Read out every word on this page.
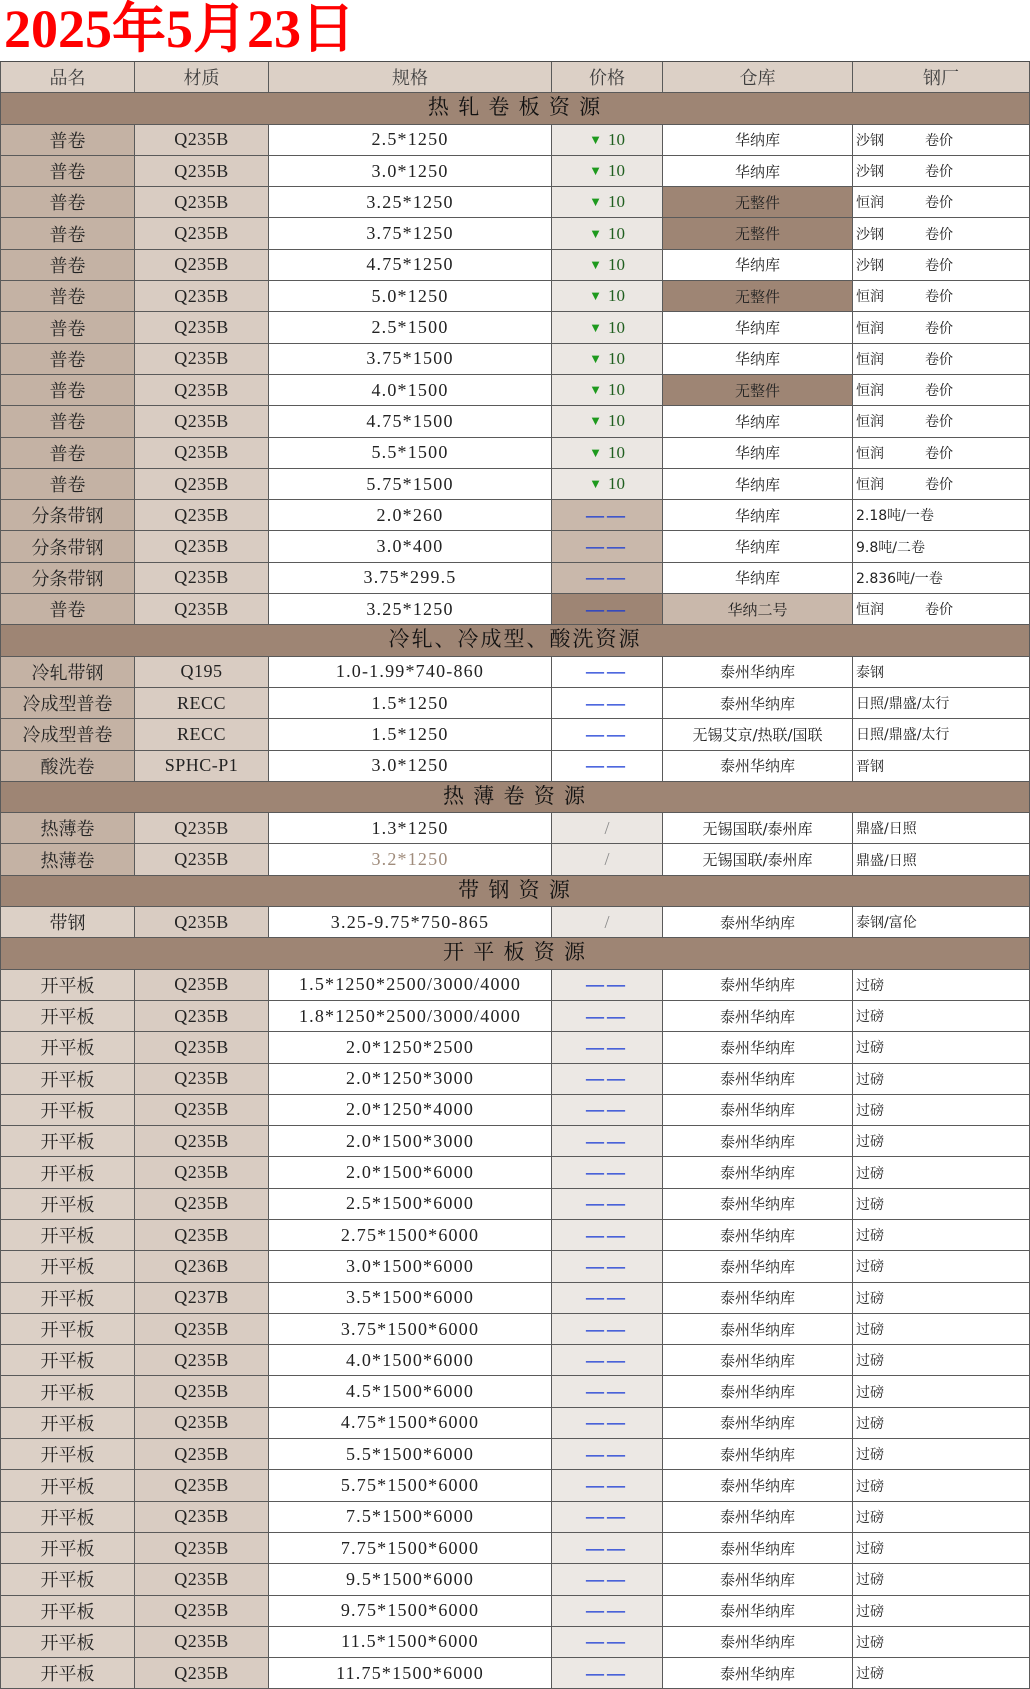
2025年5月23日
品名	材质	规格	价格	仓库	钢厂
热 轧 卷 板 资 源
普卷	Q235B	2.5*1250	▼ 10	华纳库	沙钢	卷价
普卷	Q235B	3.0*1250	▼ 10	华纳库	沙钢	卷价
普卷	Q235B	3.25*1250	▼ 10	无整件	恒润	卷价
普卷	Q235B	3.75*1250	▼ 10	无整件	沙钢	卷价
普卷	Q235B	4.75*1250	▼ 10	华纳库	沙钢	卷价
普卷	Q235B	5.0*1250	▼ 10	无整件	恒润	卷价
普卷	Q235B	2.5*1500	▼ 10	华纳库	恒润	卷价
普卷	Q235B	3.75*1500	▼ 10	华纳库	恒润	卷价
普卷	Q235B	4.0*1500	▼ 10	无整件	恒润	卷价
普卷	Q235B	4.75*1500	▼ 10	华纳库	恒润	卷价
普卷	Q235B	5.5*1500	▼ 10	华纳库	恒润	卷价
普卷	Q235B	5.75*1500	▼ 10	华纳库	恒润	卷价
分条带钢	Q235B	2.0*260	——	华纳库	2.18吨/一卷
分条带钢	Q235B	3.0*400	——	华纳库	9.8吨/二卷
分条带钢	Q235B	3.75*299.5	——	华纳库	2.836吨/一卷
普卷	Q235B	3.25*1250	——	华纳二号	恒润	卷价
冷轧、冷成型、酸洗资源
冷轧带钢	Q195	1.0-1.99*740-860	——	泰州华纳库	泰钢
冷成型普卷	RECC	1.5*1250	——	泰州华纳库	日照/鼎盛/太行
冷成型普卷	RECC	1.5*1250	——	无锡艾京/热联/国联	日照/鼎盛/太行
酸洗卷	SPHC-P1	3.0*1250	——	泰州华纳库	晋钢
热 薄 卷 资 源
热薄卷	Q235B	1.3*1250	/	无锡国联/泰州库	鼎盛/日照
热薄卷	Q235B	3.2*1250	/	无锡国联/泰州库	鼎盛/日照
带 钢 资 源
带钢	Q235B	3.25-9.75*750-865	/	泰州华纳库	泰钢/富伦
开 平 板 资 源
开平板	Q235B	1.5*1250*2500/3000/4000	——	泰州华纳库	过磅
开平板	Q235B	1.8*1250*2500/3000/4000	——	泰州华纳库	过磅
开平板	Q235B	2.0*1250*2500	——	泰州华纳库	过磅
开平板	Q235B	2.0*1250*3000	——	泰州华纳库	过磅
开平板	Q235B	2.0*1250*4000	——	泰州华纳库	过磅
开平板	Q235B	2.0*1500*3000	——	泰州华纳库	过磅
开平板	Q235B	2.0*1500*6000	——	泰州华纳库	过磅
开平板	Q235B	2.5*1500*6000	——	泰州华纳库	过磅
开平板	Q235B	2.75*1500*6000	——	泰州华纳库	过磅
开平板	Q236B	3.0*1500*6000	——	泰州华纳库	过磅
开平板	Q237B	3.5*1500*6000	——	泰州华纳库	过磅
开平板	Q235B	3.75*1500*6000	——	泰州华纳库	过磅
开平板	Q235B	4.0*1500*6000	——	泰州华纳库	过磅
开平板	Q235B	4.5*1500*6000	——	泰州华纳库	过磅
开平板	Q235B	4.75*1500*6000	——	泰州华纳库	过磅
开平板	Q235B	5.5*1500*6000	——	泰州华纳库	过磅
开平板	Q235B	5.75*1500*6000	——	泰州华纳库	过磅
开平板	Q235B	7.5*1500*6000	——	泰州华纳库	过磅
开平板	Q235B	7.75*1500*6000	——	泰州华纳库	过磅
开平板	Q235B	9.5*1500*6000	——	泰州华纳库	过磅
开平板	Q235B	9.75*1500*6000	——	泰州华纳库	过磅
开平板	Q235B	11.5*1500*6000	——	泰州华纳库	过磅
开平板	Q235B	11.75*1500*6000	——	泰州华纳库	过磅
